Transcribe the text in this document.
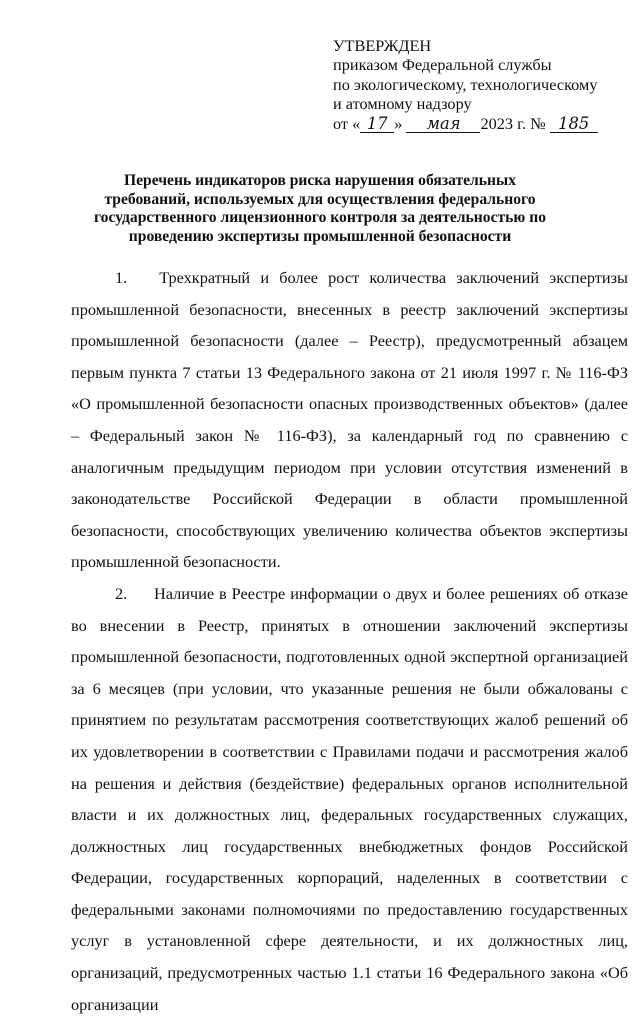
УТВЕРЖДЕН
приказом Федеральной службы
по экологическому, технологическому
и атомному надзору
от « 17 » мая 2023 г. № 185
Перечень индикаторов риска нарушения обязательных требований, используемых для осуществления федерального государственного лицензионного контроля за деятельностью по проведению экспертизы промышленной безопасности

1. Трехкратный и более рост количества заключений экспертизы промышленной безопасности, внесенных в реестр заключений экспертизы промышленной безопасности (далее – Реестр), предусмотренный абзацем первым пункта 7 статьи 13 Федерального закона от 21 июля 1997 г. № 116-ФЗ «О промышленной безопасности опасных производственных объектов» (далее – Федеральный закон № 116-ФЗ), за календарный год по сравнению с аналогичным предыдущим периодом при условии отсутствия изменений в законодательстве Российской Федерации в области промышленной безопасности, способствующих увеличению количества объектов экспертизы промышленной безопасности.

2. Наличие в Реестре информации о двух и более решениях об отказе во внесении в Реестр, принятых в отношении заключений экспертизы промышленной безопасности, подготовленных одной экспертной организацией за 6 месяцев (при условии, что указанные решения не были обжалованы с принятием по результатам рассмотрения соответствующих жалоб решений об их удовлетворении в соответствии с Правилами подачи и рассмотрения жалоб на решения и действия (бездействие) федеральных органов исполнительной власти и их должностных лиц, федеральных государственных служащих, должностных лиц государственных внебюджетных фондов Российской Федерации, государственных корпораций, наделенных в соответствии с федеральными законами полномочиями по предоставлению государственных услуг в установленной сфере деятельности, и их должностных лиц, организаций, предусмотренных частью 1.1 статьи 16 Федерального закона «Об организации
